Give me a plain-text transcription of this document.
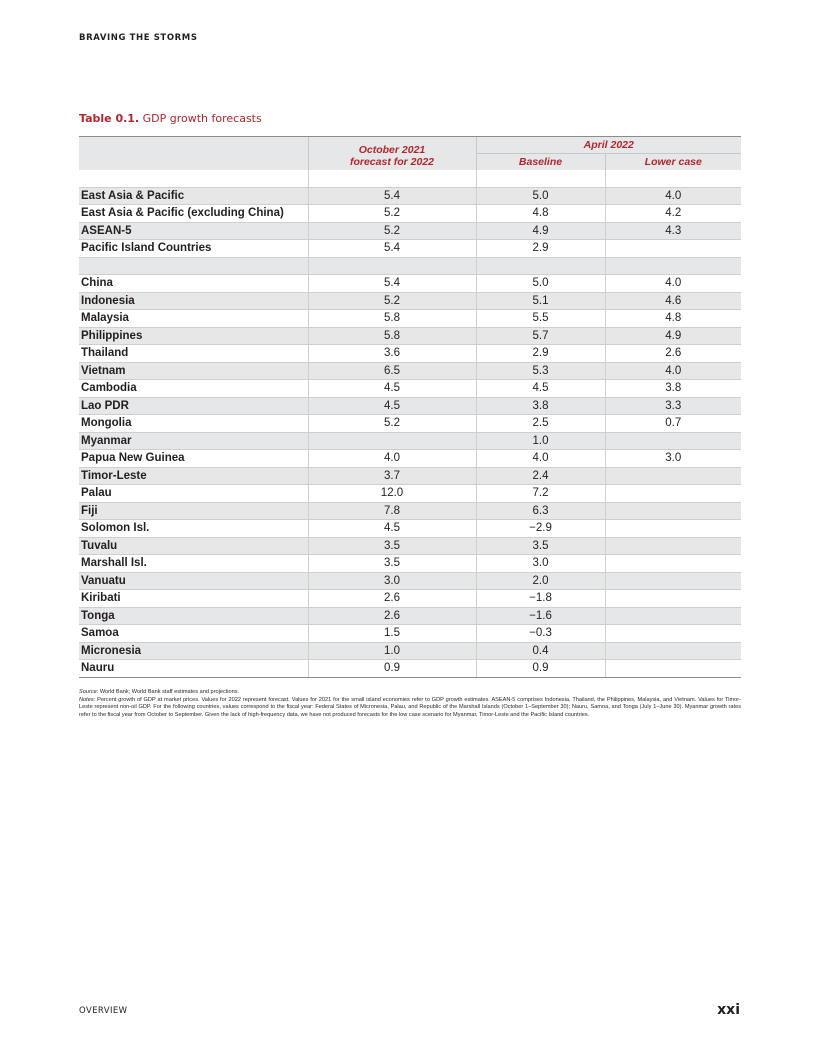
BRAVING THE STORMS
Table 0.1. GDP growth forecasts
	October 2021 forecast for 2022	April 2022	
		Baseline	Lower case

East Asia & Pacific	5.4	5.0	4.0
East Asia & Pacific (excluding China)	5.2	4.8	4.2
ASEAN-5	5.2	4.9	4.3
Pacific Island Countries	5.4	2.9	

China	5.4	5.0	4.0
Indonesia	5.2	5.1	4.6
Malaysia	5.8	5.5	4.8
Philippines	5.8	5.7	4.9
Thailand	3.6	2.9	2.6
Vietnam	6.5	5.3	4.0
Cambodia	4.5	4.5	3.8
Lao PDR	4.5	3.8	3.3
Mongolia	5.2	2.5	0.7
Myanmar		1.0	
Papua New Guinea	4.0	4.0	3.0
Timor-Leste	3.7	2.4	
Palau	12.0	7.2	
Fiji	7.8	6.3	
Solomon Isl.	4.5	−2.9	
Tuvalu	3.5	3.5	
Marshall Isl.	3.5	3.0	
Vanuatu	3.0	2.0	
Kiribati	2.6	−1.8	
Tonga	2.6	−1.6	
Samoa	1.5	−0.3	
Micronesia	1.0	0.4	
Nauru	0.9	0.9	
Source: World Bank; World Bank staff estimates and projections.
Notes: Percent growth of GDP at market prices. Values for 2022 represent forecast. Values for 2021 for the small island economies refer to GDP growth estimates. ASEAN-5 comprises Indonesia, Thailand, the Philippines, Malaysia, and Vietnam. Values for Timor-Leste represent non-oil GDP. For the following countries, values correspond to the fiscal year: Federal States of Micronesia, Palau, and Republic of the Marshall Islands (October 1–September 30); Nauru, Samoa, and Tonga (July 1–June 30). Myanmar growth rates refer to the fiscal year from October to September. Given the lack of high-frequency data, we have not produced forecasts for the low case scenario for Myanmar, Timor-Leste and the Pacific Island countries.
OVERVIEW	xxi
